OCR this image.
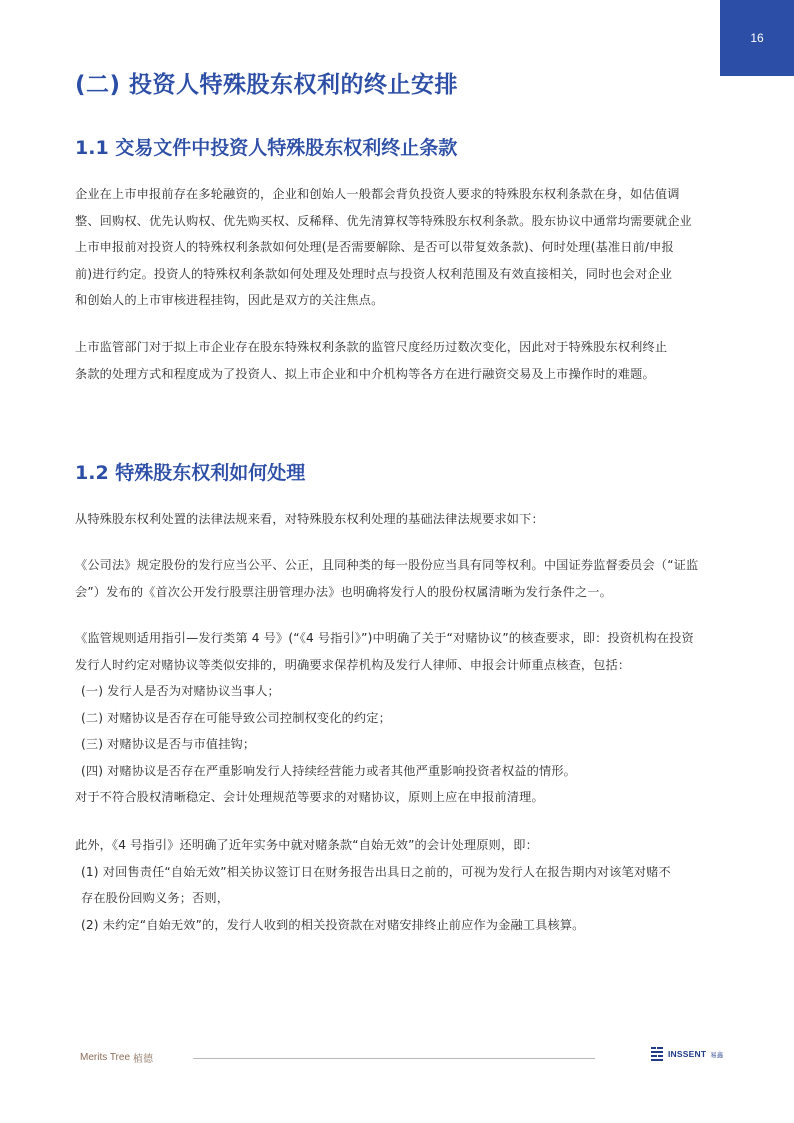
16
(二) 投资人特殊股东权利的终止安排
1.1 交易文件中投资人特殊股东权利终止条款

企业在上市申报前存在多轮融资的，企业和创始人一般都会背负投资人要求的特殊股东权利条款在身，如估值调

整、回购权、优先认购权、优先购买权、反稀释、优先清算权等特殊股东权利条款。股东协议中通常均需要就企业

上市申报前对投资人的特殊权利条款如何处理(是否需要解除、是否可以带复效条款)、何时处理(基准日前/申报

前)进行约定。投资人的特殊权利条款如何处理及处理时点与投资人权利范围及有效直接相关，同时也会对企业

和创始人的上市审核进程挂钩，因此是双方的关注焦点。

上市监管部门对于拟上市企业存在股东特殊权利条款的监管尺度经历过数次变化，因此对于特殊股东权利终止

条款的处理方式和程度成为了投资人、拟上市企业和中介机构等各方在进行融资交易及上市操作时的难题。

1.2 特殊股东权利如何处理

从特殊股东权利处置的法律法规来看，对特殊股东权利处理的基础法律法规要求如下：

《公司法》规定股份的发行应当公平、公正，且同种类的每一股份应当具有同等权利。中国证券监督委员会（“证监

会”）发布的《首次公开发行股票注册管理办法》也明确将发行人的股份权属清晰为发行条件之一。

《监管规则适用指引—发行类第 4 号》(“《4 号指引》”)中明确了关于“对赌协议”的核查要求，即：投资机构在投资

发行人时约定对赌协议等类似安排的，明确要求保荐机构及发行人律师、申报会计师重点核查，包括：

(一) 发行人是否为对赌协议当事人；

(二) 对赌协议是否存在可能导致公司控制权变化的约定；

(三) 对赌协议是否与市值挂钩；

(四) 对赌协议是否存在严重影响发行人持续经营能力或者其他严重影响投资者权益的情形。

对于不符合股权清晰稳定、会计处理规范等要求的对赌协议，原则上应在申报前清理。

此外，《4 号指引》还明确了近年实务中就对赌条款“自始无效”的会计处理原则，即：

(1) 对回售责任“自始无效”相关协议签订日在财务报告出具日之前的，可视为发行人在报告期内对该笔对赌不

存在股份回购义务；否则，

(2) 未约定“自始无效”的，发行人收到的相关投资款在对赌安排终止前应作为金融工具核算。

Merits Tree 植德	INSSENT 易鑫
